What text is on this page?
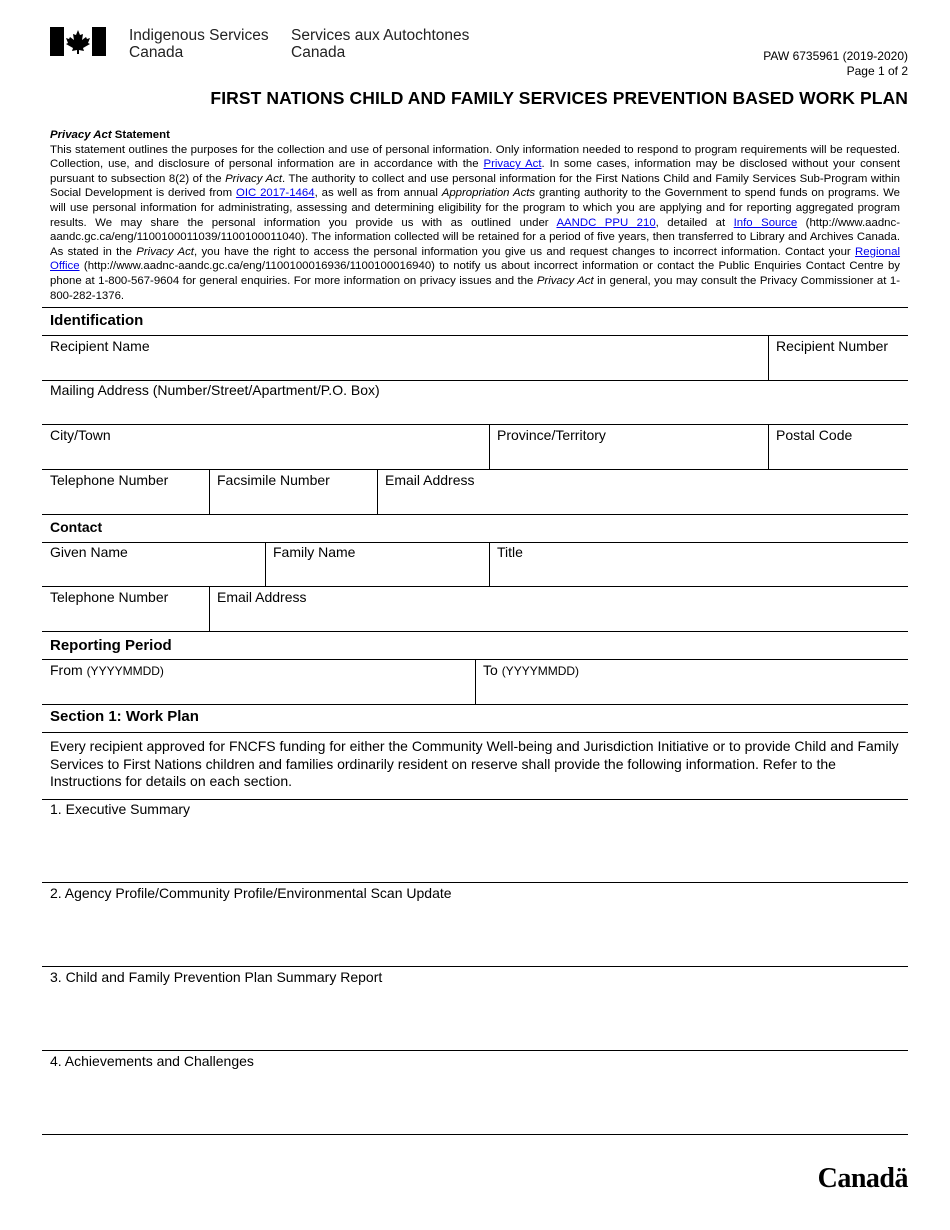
Indigenous Services
Canada
Services aux Autochtones
Canada	PAW 6735961 (2019-2020)
Page 1 of 2
FIRST NATIONS CHILD AND FAMILY SERVICES PREVENTION BASED WORK PLAN
Privacy Act Statement
This statement outlines the purposes for the collection and use of personal information. Only information needed to respond to program requirements will be requested. Collection, use, and disclosure of personal information are in accordance with the Privacy Act. In some cases, information may be disclosed without your consent pursuant to subsection 8(2) of the Privacy Act. The authority to collect and use personal information for the First Nations Child and Family Services Sub-Program within Social Development is derived from OIC 2017-1464, as well as from annual Appropriation Acts granting authority to the Government to spend funds on programs. We will use personal information for administrating, assessing and determining eligibility for the program to which you are applying and for reporting aggregated program results. We may share the personal information you provide us with as outlined under AANDC PPU 210, detailed at Info Source (http://www.aadnc-aandc.gc.ca/eng/1100100011039/1100100011040). The information collected will be retained for a period of five years, then transferred to Library and Archives Canada. As stated in the Privacy Act, you have the right to access the personal information you give us and request changes to incorrect information. Contact your Regional Office (http://www.aadnc-aandc.gc.ca/eng/1100100016936/1100100016940) to notify us about incorrect information or contact the Public Enquiries Contact Centre by phone at 1-800-567-9604 for general enquiries. For more information on privacy issues and the Privacy Act in general, you may consult the Privacy Commissioner at 1-800-282-1376.
Identification
Recipient Name	Recipient Number
Mailing Address (Number/Street/Apartment/P.O. Box)
City/Town	Province/Territory	Postal Code
Telephone Number	Facsimile Number	Email Address
Contact
Given Name	Family Name	Title
Telephone Number	Email Address
Reporting Period
From (YYYYMMDD)	To (YYYYMMDD)
Section 1: Work Plan
Every recipient approved for FNCFS funding for either the Community Well-being and Jurisdiction Initiative or to provide Child and Family Services to First Nations children and families ordinarily resident on reserve shall provide the following information. Refer to the Instructions for details on each section.
1. Executive Summary
2. Agency Profile/Community Profile/Environmental Scan Update
3. Child and Family Prevention Plan Summary Report
4. Achievements and Challenges
Canadä
